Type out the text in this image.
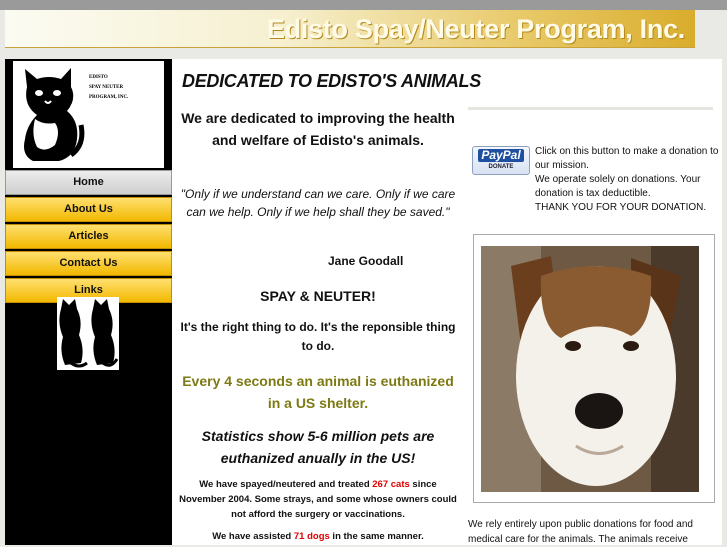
Edisto Spay/Neuter Program, Inc.
EDISTO
SPAY NEUTER
PROGRAM, INC.
Home
About Us
Articles
Contact Us
Links
DEDICATED TO EDISTO'S ANIMALS
We are dedicated to improving the health and welfare of Edisto's animals.
"Only if we understand can we care. Only if we care can we help. Only if we help shall they be saved."
Jane Goodall
SPAY & NEUTER!
It's the right thing to do. It's the reponsible thing to do.
Every 4 seconds an animal is euthanized in a US shelter.
Statistics show 5-6 million pets are euthanized anually in the US!
We have spayed/neutered and treated 267 cats since November 2004. Some strays, and some whose owners could not afford the surgery or vaccinations.
We have assisted 71 dogs in the same manner.
PayPal
DONATE
Click on this button to make a donation to our mission.
We operate solely on donations. Your donation is tax deductible.
THANK YOU FOR YOUR DONATION.
We rely entirely upon public donations for food and medical care for the animals. The animals receive
